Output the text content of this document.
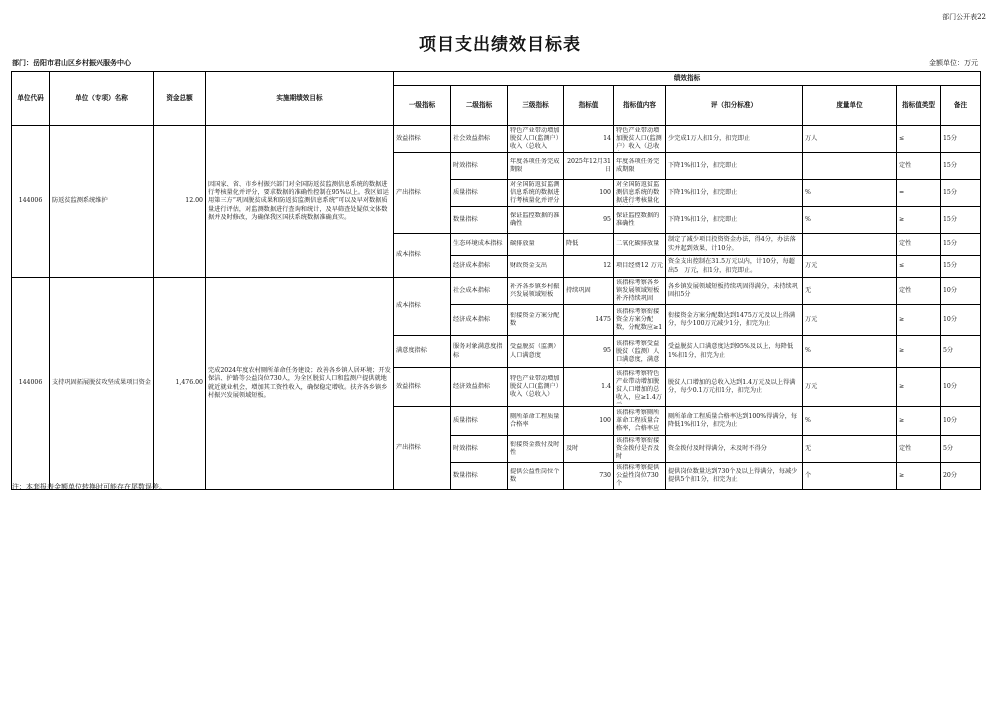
部门公开表22
项目支出绩效目标表
部门：岳阳市君山区乡村振兴服务中心	金额单位：万元
单位代码	单位（专项）名称	资金总额	实施期绩效目标	绩效指标								
				一级指标	二级指标	三级指标	指标值	指标值内容	评（扣分标准）	度量单位	指标值类型	备注
144006	防返贫监测系统维护	12.00	因国家、省、市乡村振兴部门对全国防返贫监测信息系统的数据进行考核量化并评分，要求数据的准确性控制在95%以上。我区如运用第三方“巩固脱贫成果和防返贫监测信息系统”可以及早对数据质量进行评估，对监测数据进行查询和统计，及早筛查处疑似文体数据并及时修改，为确保我区国扶系统数据准确真实。	效益指标	社会效益指标	特色产业带动增加脱贫人口(监测户）收入（总收入	14	特色产业带动增加脱贫人口(监测户）收入（总收	少完成1万人扣1分，扣完即止	万人	≤	15分
				产出指标	时效指标	年度各项任务完成期限	2025年12月31日	年度各项任务完成期限	下降1%扣1分，扣完即止		定性	15分
					质量指标	对全国防返贫监测信息系统的数据进行考核量化并评分	100	对全国防返贫监测信息系统的数据进行考核量化	下降1%扣1分，扣完即止	%	=	15分
					数量指标	保证监控数据的准确性	95	保证监控数据的准确性	下降1%扣1分，扣完即止	%	≥	15分
				成本指标	生态环境成本指标	碳排放量	降低	二氧化碳排放量	制定了减少项目投资资金办法，得4分，办法落实并起到效果，计10分。		定性	15分
					经济成本指标	财政资金支出	12	项目经费12 万元	资金支出控制在31.5万元以内，计10分，每超出5　万元，扣1分，扣完即止。	万元	≤	15分
144006	支持巩固拓展脱贫攻坚成果项目资金	1,476.00	完成2024年度农村厕所革命任务建设；改善各乡镇人居环境；开发保洁、护路等公益岗位730人，为全区脱贫人口和监测户提供就地就近就业机会，增加其工资性收入，确保稳定增收。扶齐各乡镇乡村振兴发展领域短板。	成本指标	社会成本指标	补齐各乡镇乡村振兴发展领域短板	持续巩固	该指标考察各乡镇发展领域短板补齐持续巩固	各乡镇发展领域短板持续巩固得满分，未持续巩固扣5分	无	定性	10分
					经济成本指标	衔接资金方案分配数	1475	该指标考察衔接资金方案分配数，分配数应≥1	衔接资金方案分配数达到1475万元及以上得满分，每少100万元减少1分，扣完为止	万元	≥	10分
				满意度指标	服务对象满意度指标	受益脱贫（监测）人口满意度	95	该指标考察受益脱贫（监测）人口满意度，满意	受益脱贫人口满意度达到95%及以上，每降低1%扣1分，扣完为止	%	≥	5分
				效益指标	经济效益指标	特色产业带动增加脱贫人口(监测户）收入（总收入）	1.4	该指标考察特色产业带动增加脱贫人口增加的总收入，应≥1.4万	脱贫人口增加的总收入达到1.4万元及以上得满分，每少0.1万元扣1分，扣完为止	万元	≥	10分
				产出指标	质量指标	厕所革命工程质量合格率	100	该指标考察厕所革命工程质量合格率，合格率应	厕所革命工程质量合格率达到100%得满分，每降低1%扣1分，扣完为止	%	≥	10分
					时效指标	衔接资金拨付及时性	及时	该指标考察衔接资金拨付是否及时	资金拨付及时得满分，未及时不得分	无	定性	5分
					数量指标	提供公益性岗位个数	730	该指标考察提供公益性岗位730个	提供岗位数量达到730个及以上得满分，每减少提供5个扣1分，扣完为止	个	≥	20分
注：本套报表金额单位转换时可能存在尾数误差。
